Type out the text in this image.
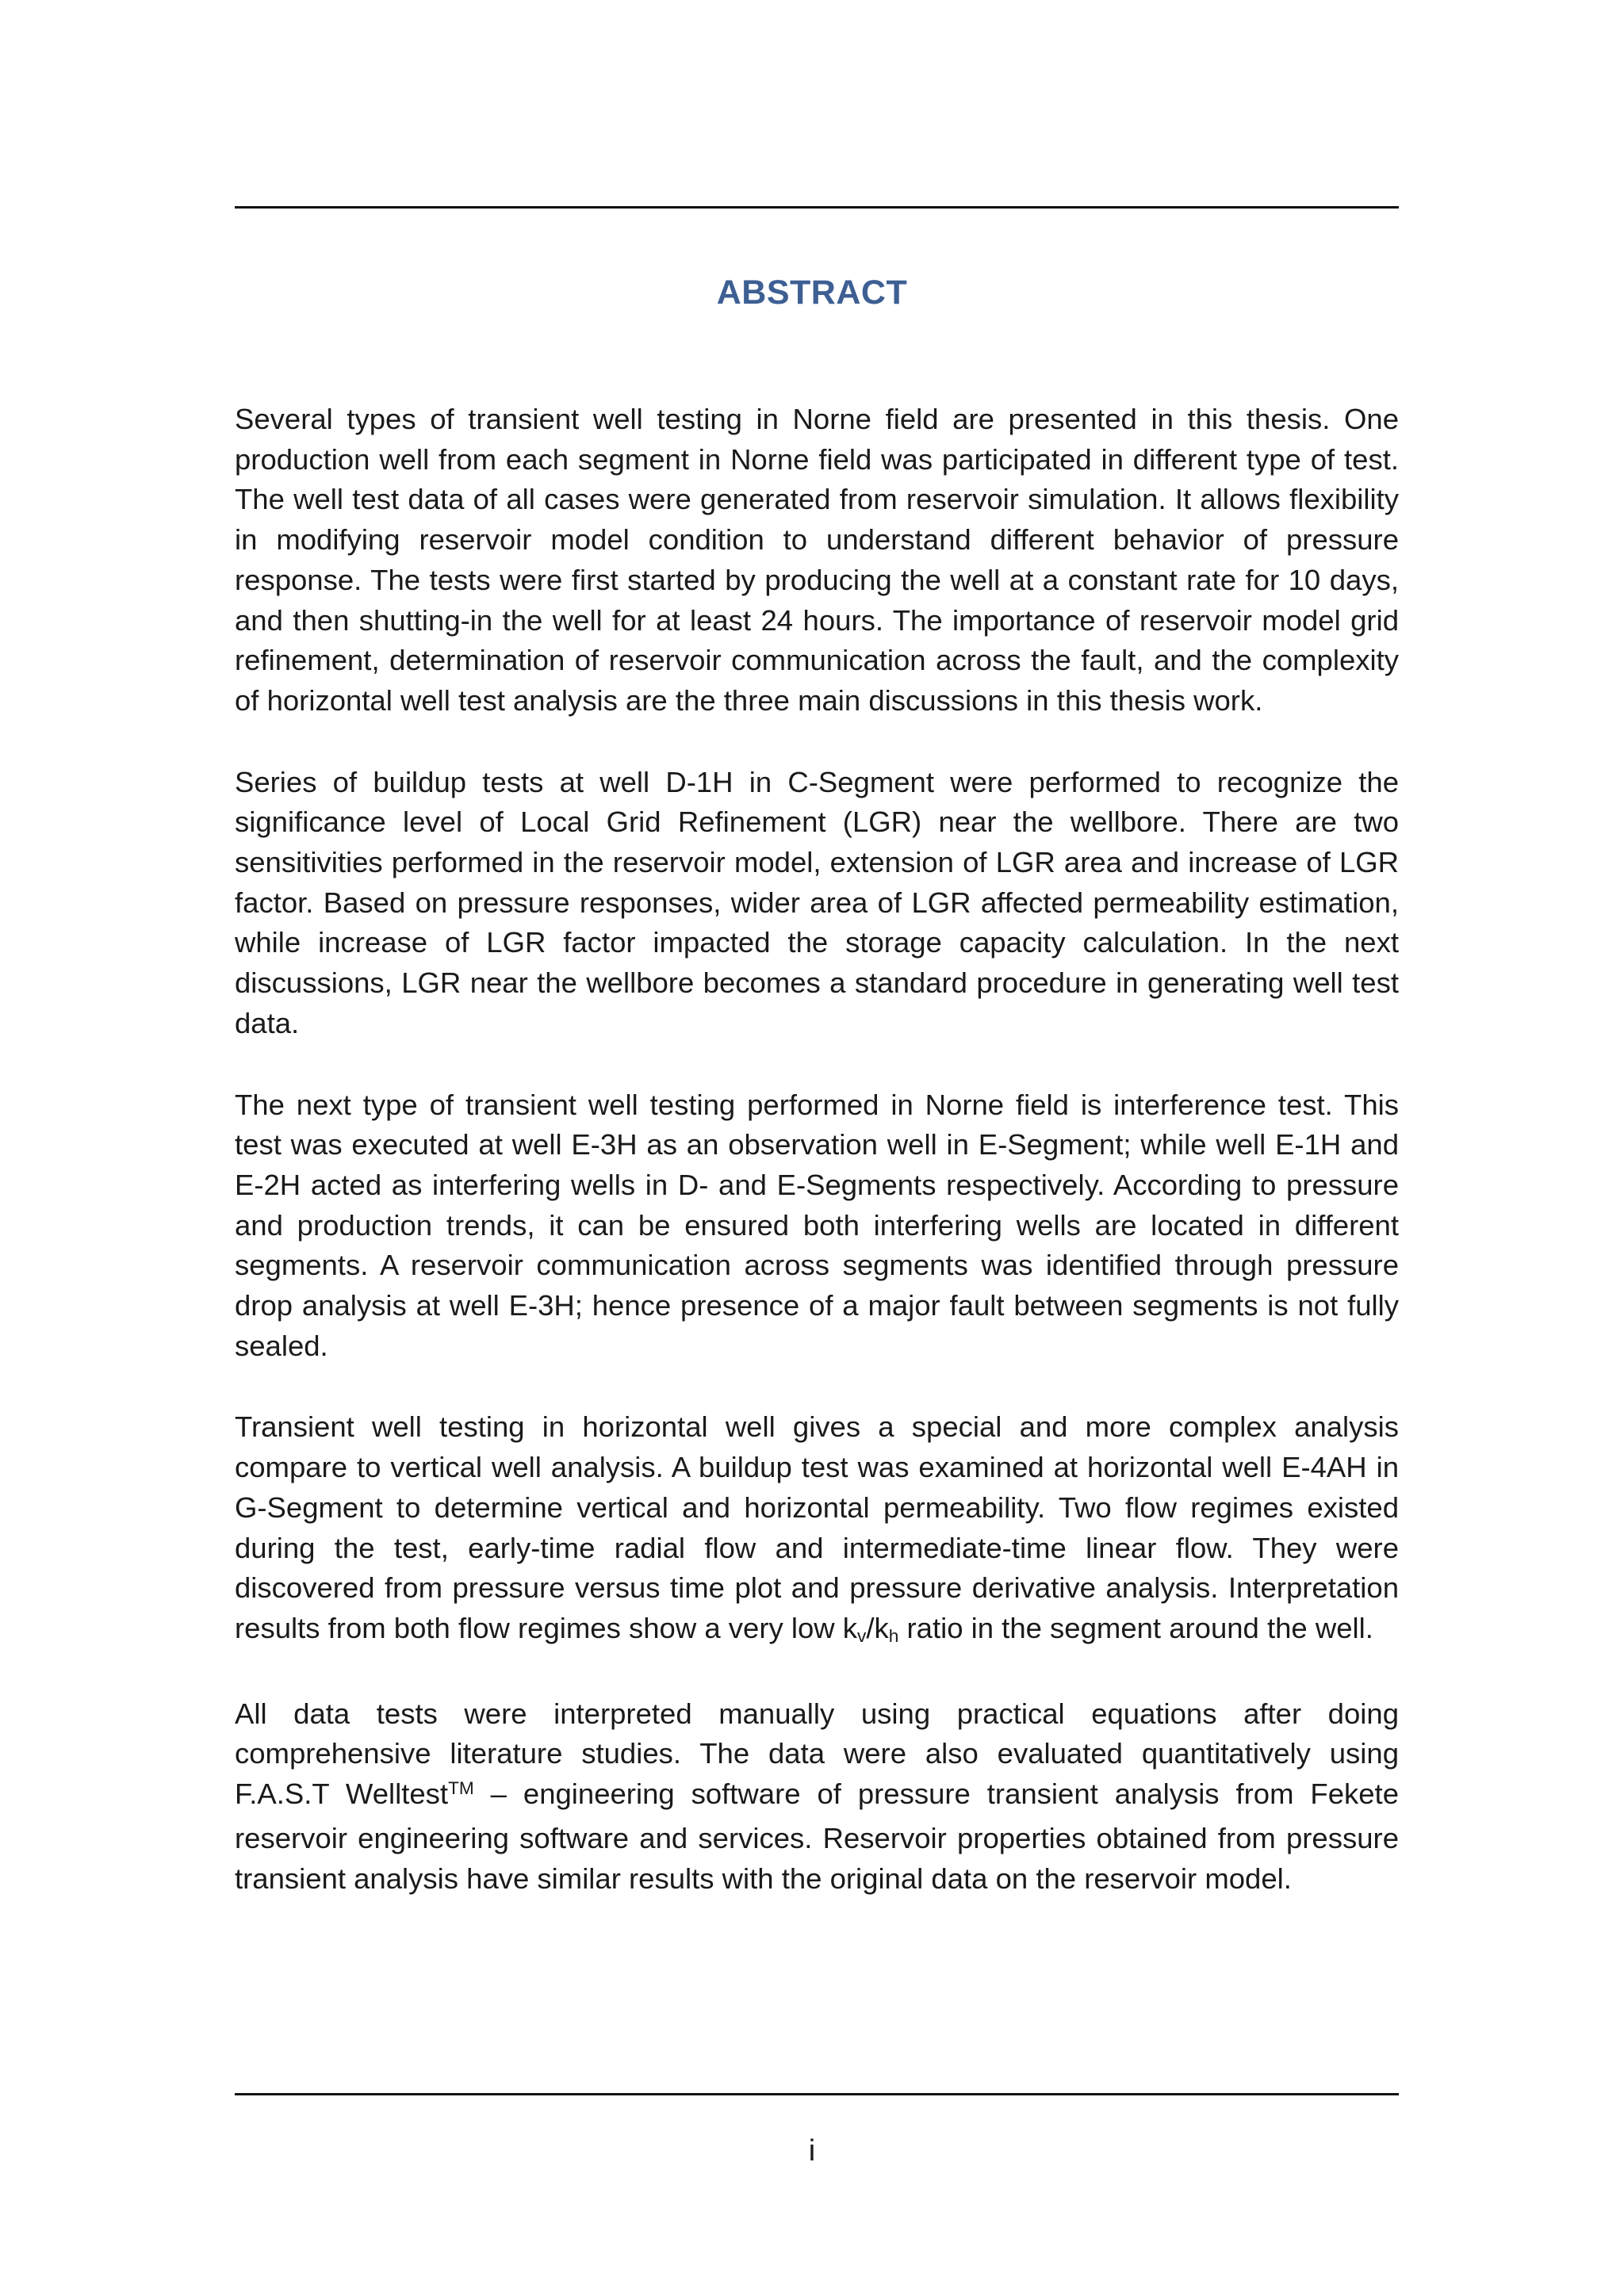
ABSTRACT

Several types of transient well testing in Norne field are presented in this thesis. One production well from each segment in Norne field was participated in different type of test. The well test data of all cases were generated from reservoir simulation. It allows flexibility in modifying reservoir model condition to understand different behavior of pressure response. The tests were first started by producing the well at a constant rate for 10 days, and then shutting-in the well for at least 24 hours. The importance of reservoir model grid refinement, determination of reservoir communication across the fault, and the complexity of horizontal well test analysis are the three main discussions in this thesis work.

Series of buildup tests at well D-1H in C-Segment were performed to recognize the significance level of Local Grid Refinement (LGR) near the wellbore. There are two sensitivities performed in the reservoir model, extension of LGR area and increase of LGR factor. Based on pressure responses, wider area of LGR affected permeability estimation, while increase of LGR factor impacted the storage capacity calculation. In the next discussions, LGR near the wellbore becomes a standard procedure in generating well test data.

The next type of transient well testing performed in Norne field is interference test. This test was executed at well E-3H as an observation well in E-Segment; while well E-1H and E-2H acted as interfering wells in D- and E-Segments respectively. According to pressure and production trends, it can be ensured both interfering wells are located in different segments. A reservoir communication across segments was identified through pressure drop analysis at well E-3H; hence presence of a major fault between segments is not fully sealed.

Transient well testing in horizontal well gives a special and more complex analysis compare to vertical well analysis. A buildup test was examined at horizontal well E-4AH in G-Segment to determine vertical and horizontal permeability. Two flow regimes existed during the test, early-time radial flow and intermediate-time linear flow. They were discovered from pressure versus time plot and pressure derivative analysis. Interpretation results from both flow regimes show a very low kv/kh ratio in the segment around the well.

All data tests were interpreted manually using practical equations after doing comprehensive literature studies. The data were also evaluated quantitatively using F.A.S.T Welltest™ – engineering software of pressure transient analysis from Fekete reservoir engineering software and services. Reservoir properties obtained from pressure transient analysis have similar results with the original data on the reservoir model.

i
